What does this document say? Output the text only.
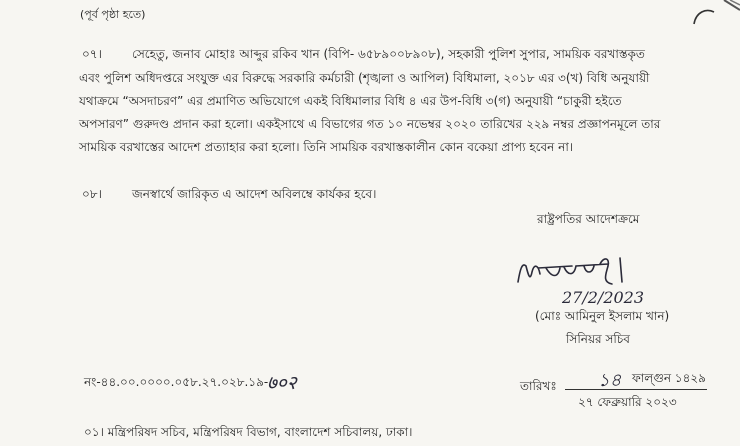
(পূর্ব পৃষ্ঠা হতে)
০৭।	সেহেতু, জনাব মোহাঃ আব্দুর রকিব খান (বিপি- ৬৫৮৯০০৮৯০৮), সহকারী পুলিশ সুপার, সাময়িক বরখাস্তকৃত
এবং পুলিশ অধিদপ্তরে সংযুক্ত এর বিরুদ্ধে সরকারি কর্মচারী (শৃঙ্খলা ও আপিল) বিধিমালা, ২০১৮ এর ৩(খ) বিধি অনুযায়ী
যথাক্রমে “অসদাচরণ” এর প্রমাণিত অভিযোগে একই বিধিমালার বিধি ৪ এর উপ-বিধি ৩(গ) অনুযায়ী “চাকুরী হইতে
অপসারণ” গুরুদণ্ড প্রদান করা হলো। একইসাথে এ বিভাগের গত ১০ নভেম্বর ২০২০ তারিখের ২২৯ নম্বর প্রজ্ঞাপনমূলে তার
সাময়িক বরখাস্তের আদেশ প্রত্যাহার করা হলো। তিনি সাময়িক বরখাস্তকালীন কোন বকেয়া প্রাপ্য হবেন না।
০৮।	জনস্বার্থে জারিকৃত এ আদেশ অবিলম্বে কার্যকর হবে।
রাষ্ট্রপতির আদেশক্রমে
27/2/2023
(মোঃ আমিনুল ইসলাম খান)
সিনিয়র সচিব
নং-৪৪.০০.০০০০.০৫৮.২৭.০২৮.১৯-
७०२	তারিখঃ ১৪ ফাল্গুন ১৪২৯
২৭ ফেব্রুয়ারি ২০২৩
০১। মন্ত্রিপরিষদ সচিব, মন্ত্রিপরিষদ বিভাগ, বাংলাদেশ সচিবালয়, ঢাকা।
